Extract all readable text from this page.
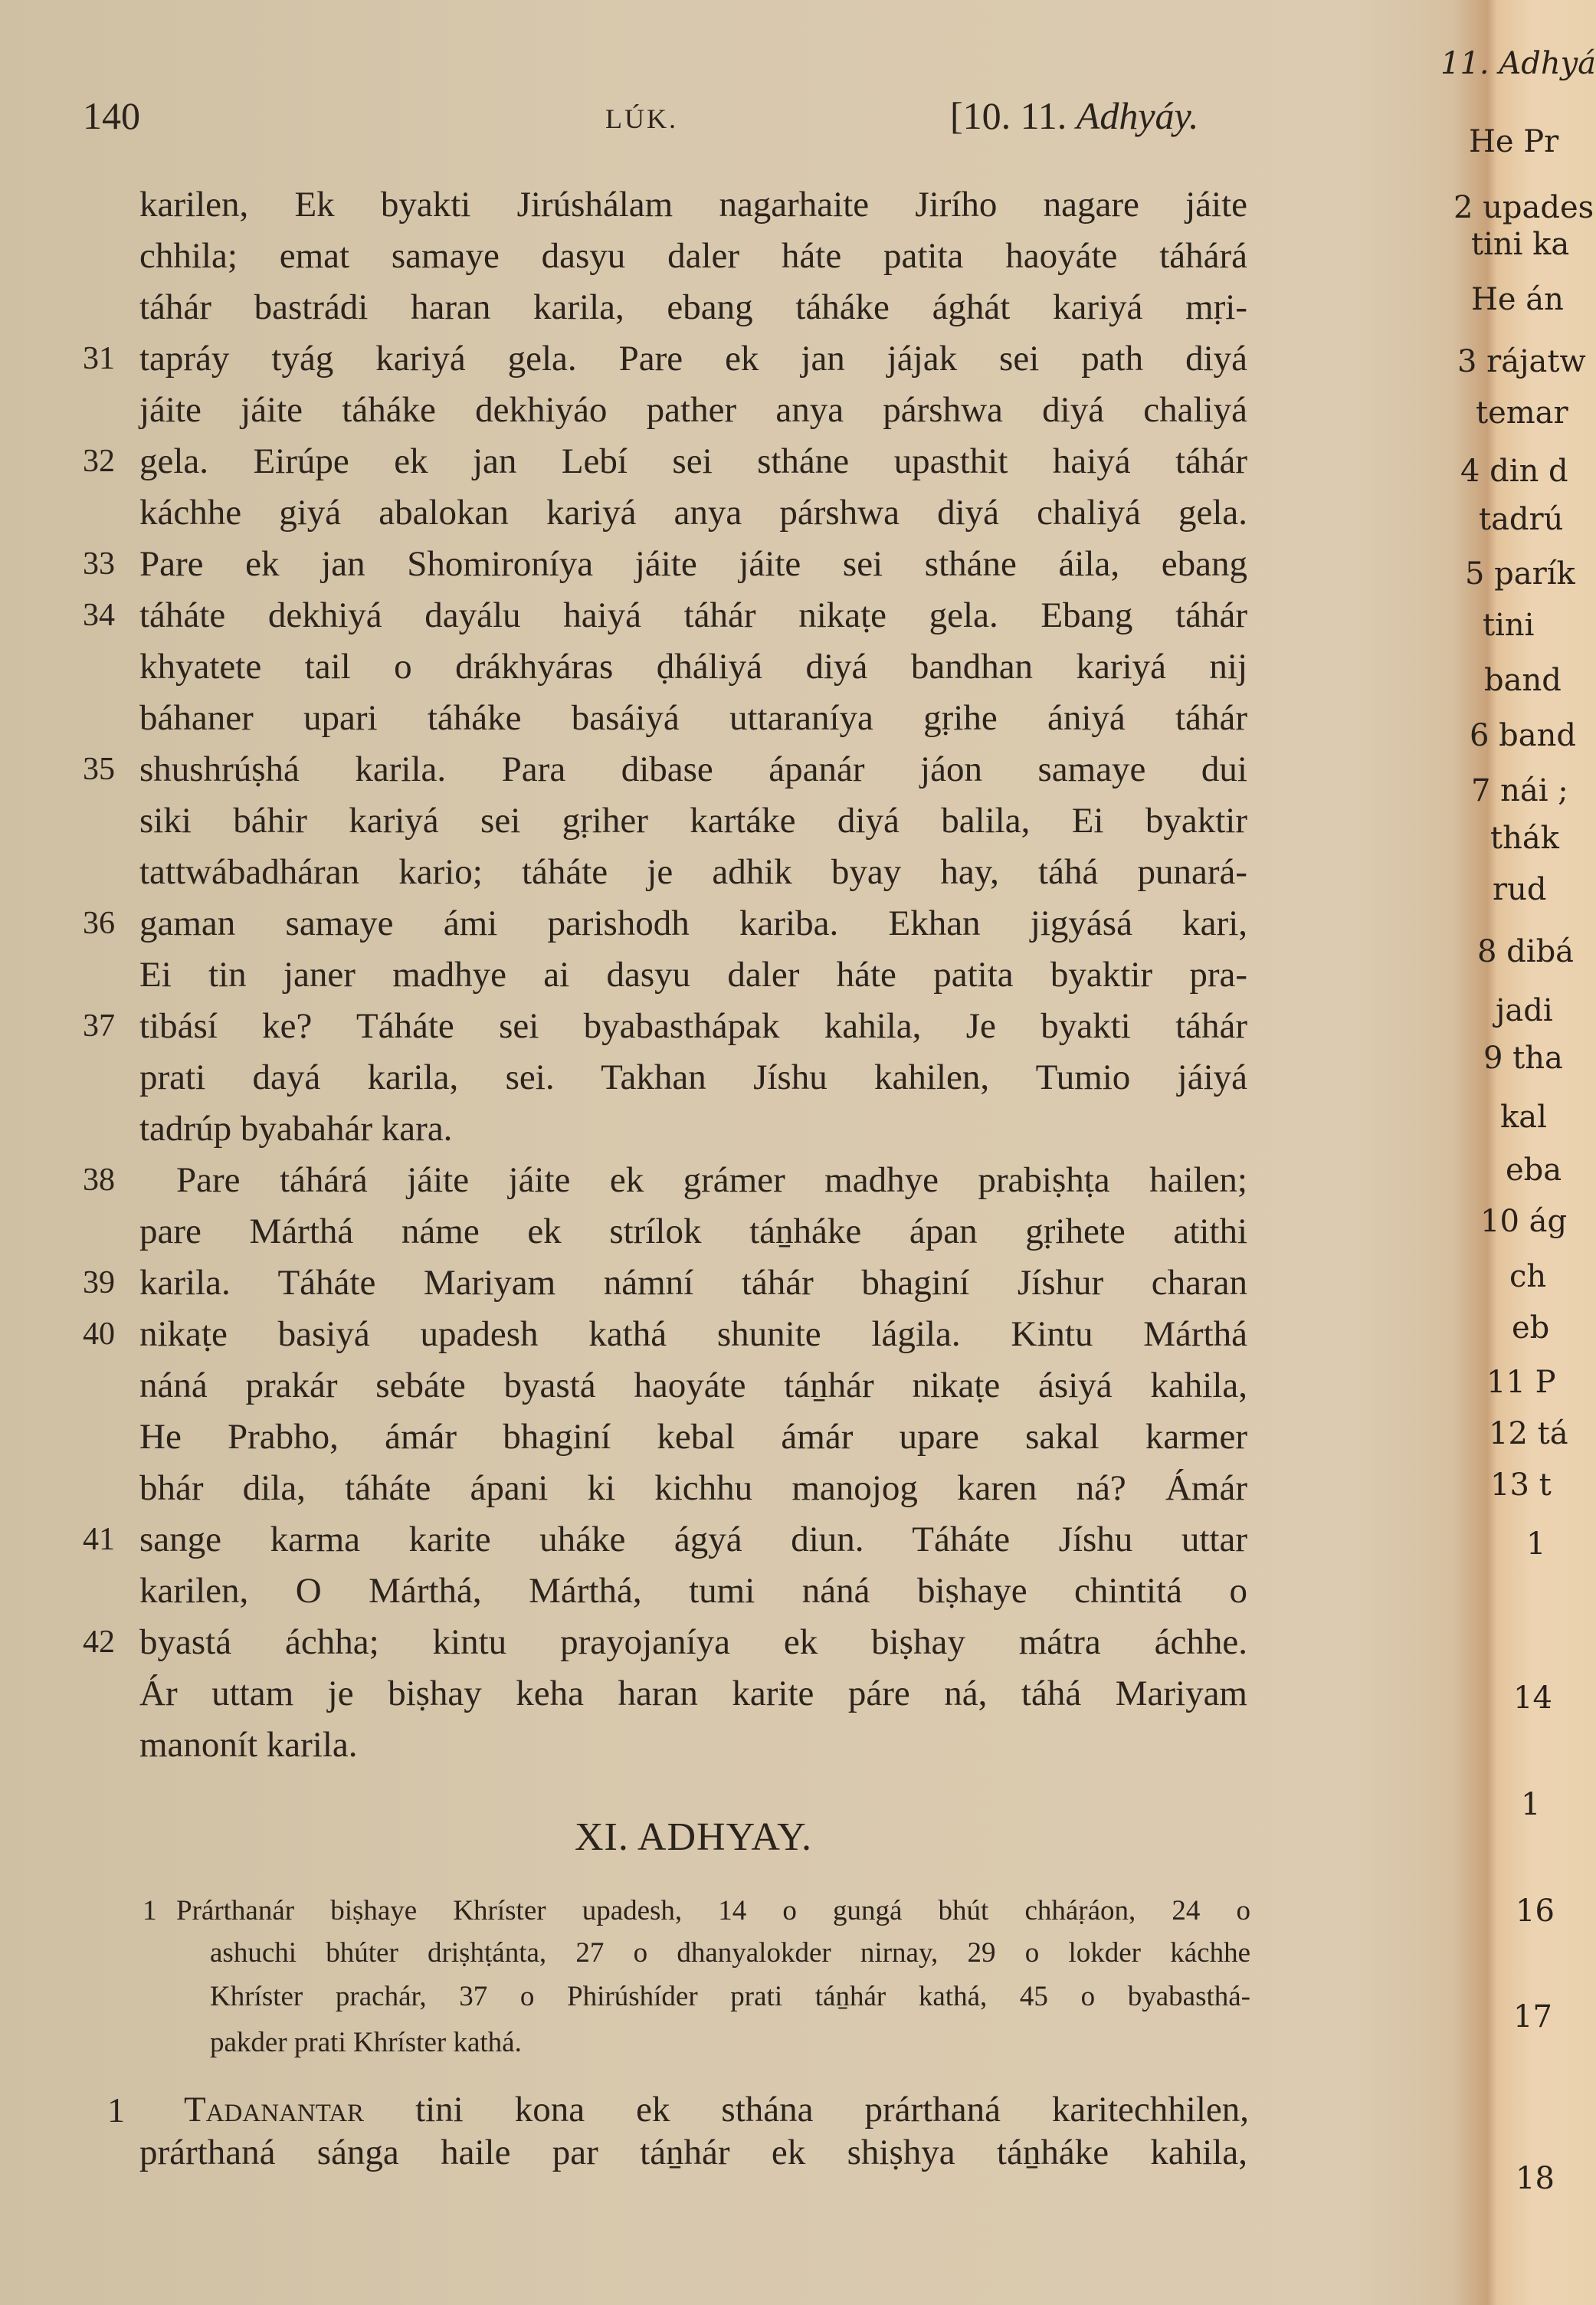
140	LÚK.	[10. 11. Adhyáy.
karilen, Ek byakti Jirúshálam nagarhaite Jirího nagare jáite
chhila; emat samaye dasyu daler háte patita haoyáte táhárá
táhár bastrádi haran karila, ebang táháke ághát kariyá mṛi-
tapráy tyág kariyá gela. Pare ek jan jájak sei path diyá
31
jáite jáite táháke dekhiyáo pather anya párshwa diyá chaliyá
gela. Eirúpe ek jan Lebí sei stháne upasthit haiyá táhár
32
káchhe giyá abalokan kariyá anya párshwa diyá chaliyá gela.
Pare ek jan Shomironíya jáite jáite sei stháne áila, ebang
33
táháte dekhiyá dayálu haiyá táhár nikaṭe gela. Ebang táhár
34
khyatete tail o drákhyáras ḍháliyá diyá bandhan kariyá nij
báhaner upari táháke basáiyá uttaraníya gṛihe ániyá táhár
shushrúṣhá karila. Para dibase ápanár jáon samaye dui
35
siki báhir kariyá sei gṛiher kartáke diyá balila, Ei byaktir
tattwábadháran kario; táháte je adhik byay hay, táhá punará-
gaman samaye ámi parishodh kariba. Ekhan jigyásá kari,
36
Ei tin janer madhye ai dasyu daler háte patita byaktir pra-
tibásí ke? Táháte sei byabasthápak kahila, Je byakti táhár
37
prati dayá karila, sei. Takhan Jíshu kahilen, Tumio jáiyá
tadrúp byabahár kara.
Pare táhárá jáite jáite ek grámer madhye prabiṣhṭa hailen;
38
pare Márthá náme ek strílok táṉháke ápan gṛihete atithi
karila. Táháte Mariyam námní táhár bhaginí Jíshur charan
39
nikaṭe basiyá upadesh kathá shunite lágila. Kintu Márthá
40
náná prakár sebáte byastá haoyáte táṉhár nikaṭe ásiyá kahila,
He Prabho, ámár bhaginí kebal ámár upare sakal karmer
bhár dila, táháte ápani ki kichhu manojog karen ná? Ámár
sange karma karite uháke ágyá diun. Táháte Jíshu uttar
41
karilen, O Márthá, Márthá, tumi náná biṣhaye chintitá o
byastá áchha; kintu prayojaníya ek biṣhay mátra áchhe.
42
Ár uttam je biṣhay keha haran karite páre ná, táhá Mariyam
manonít karila.
XI. ADHYAY.
1 Prárthanár biṣhaye Khríster upadesh, 14 o gungá bhút chháṛáon, 24 o
ashuchi bhúter driṣhṭánta, 27 o dhanyalokder nirnay, 29 o lokder káchhe
Khríster prachár, 37 o Phirúshíder prati táṉhár kathá, 45 o byabasthá-
pakder prati Khríster kathá.
1 Tadanantar tini kona ek sthána prárthaná karitechhilen,
prárthaná sánga haile par táṉhár ek shiṣhya táṉháke kahila,
11. Adhyá
He Pr
2 upades
tini ka
He án
3 rájatw
temar
4 din d
tadrú
5 parík
tini
band
6 band
7 nái ;
thák
rud
8 dibá
jadi
9 tha
kal
eba
10 ág
ch
eb
11 P
12 tá
13 t
1
14
1
16
17
18
